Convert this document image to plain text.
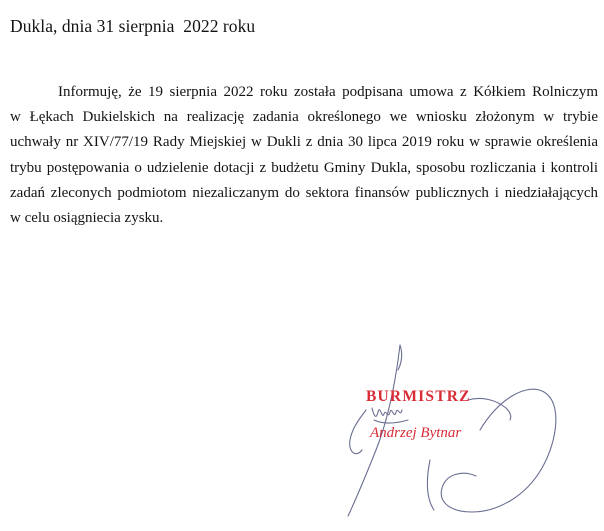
Dukla, dnia 31 sierpnia  2022 roku
Informuję, że 19 sierpnia 2022 roku została podpisana umowa z Kółkiem Rolniczym
w Łękach Dukielskich na realizację zadania określonego we wniosku złożonym w trybie
uchwały nr XIV/77/19 Rady Miejskiej w Dukli z dnia 30 lipca 2019 roku w sprawie określenia
trybu postępowania o udzielenie dotacji z budżetu Gminy Dukla, sposobu rozliczania i kontroli
zadań zleconych podmiotom niezaliczanym do sektora finansów publicznych i niedziałających
w celu osiągniecia zysku.
BURMISTRZ
Andrzej Bytnar
